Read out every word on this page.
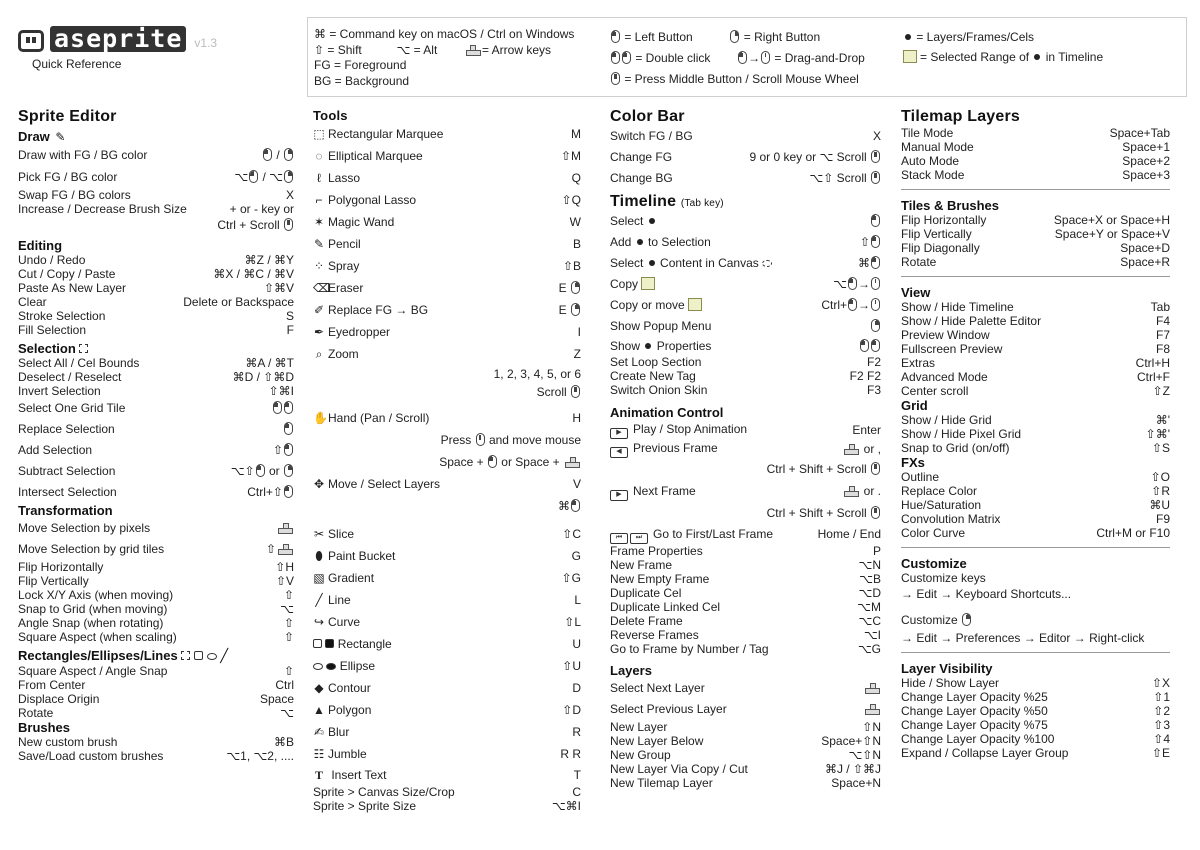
aseprite	v1.3
Quick Reference
⌘ = Command key on macOS / Ctrl on Windows
⇧ = Shift	⌥ = Alt	= Arrow keys
FG = Foreground
BG = Background
= Left Button	= Right Button
= Double click	→ = Drag-and-Drop
= Press Middle Button / Scroll Mouse Wheel
= Layers/Frames/Cels
= Selected Range of in Timeline
Sprite Editor
Draw ✎
Draw with FG / BG color	/
Pick FG / BG color	⌥ / ⌥
Swap FG / BG colors	X
Increase / Decrease Brush Size	+ or - key or
Ctrl + Scroll
Editing
Undo / Redo	⌘Z / ⌘Y
Cut / Copy / Paste	⌘X / ⌘C / ⌘V
Paste As New Layer	⇧⌘V
Clear	Delete or Backspace
Stroke Selection	S
Fill Selection	F
Selection
Select All / Cel Bounds	⌘A / ⌘T
Deselect / Reselect	⌘D / ⇧⌘D
Invert Selection	⇧⌘I
Select One Grid Tile
Replace Selection
Add Selection	⇧
Subtract Selection	⌥⇧ or
Intersect Selection	Ctrl+⇧
Transformation
Move Selection by pixels
Move Selection by grid tiles	⇧
Flip Horizontally	⇧H
Flip Vertically	⇧V
Lock X/Y Axis (when moving)	⇧
Snap to Grid (when moving)	⌥
Angle Snap (when rotating)	⇧
Square Aspect (when scaling)	⇧
Rectangles/Ellipses/Lines	╱
Square Aspect / Angle Snap	⇧
From Center	Ctrl
Displace Origin	Space
Rotate	⌥
Brushes
New custom brush	⌘B
Save/Load custom brushes	⌥1, ⌥2, ....
Tools
⬚ Rectangular Marquee	M
◌ Elliptical Marquee	⇧M
ℓ Lasso	Q
⌐ Polygonal Lasso	⇧Q
✶ Magic Wand	W
✎ Pencil	B
⁘ Spray	⇧B
⌫Eraser	E
✐ Replace FG → BG	E
✒ Eyedropper	I
⌕ Zoom	Z
1, 2, 3, 4, 5, or 6
Scroll
✋Hand (Pan / Scroll)	H
Press and move mouse
Space + or Space +
✥ Move / Select Layers	V
⌘
✂ Slice	⇧C
⬮ Paint Bucket	G
▧ Gradient	⇧G
╱ Line	L
↪ Curve	⇧L
Rectangle	U
Ellipse	⇧U
◆ Contour	D
▲ Polygon	⇧D
✍ Blur	R
☷ Jumble	R R
T Insert Text	T
Sprite > Canvas Size/Crop	C
Sprite > Sprite Size	⌥⌘I
Color Bar
Switch FG / BG	X
Change FG	9 or 0 key or ⌥ Scroll
Change BG	⌥⇧ Scroll
Timeline (Tab key)
Select
Add to Selection	⇧
Select Content in Canvas	⌘
Copy	⌥ →
Copy or move	Ctrl+ →
Show Popup Menu
Show Properties
Set Loop Section	F2
Create New Tag	F2 F2
Switch Onion Skin	F3
Animation Control
▶ Play / Stop Animation	Enter
◀ Previous Frame	or ,
Ctrl + Shift + Scroll
▶ Next Frame	or .
Ctrl + Shift + Scroll
⏮ ⏭ Go to First/Last Frame	Home / End
Frame Properties	P
New Frame	⌥N
New Empty Frame	⌥B
Duplicate Cel	⌥D
Duplicate Linked Cel	⌥M
Delete Frame	⌥C
Reverse Frames	⌥I
Go to Frame by Number / Tag	⌥G
Layers
Select Next Layer
Select Previous Layer
New Layer	⇧N
New Layer Below	Space+⇧N
New Group	⌥⇧N
New Layer Via Copy / Cut	⌘J / ⇧⌘J
New Tilemap Layer	Space+N
Tilemap Layers
Tile Mode	Space+Tab
Manual Mode	Space+1
Auto Mode	Space+2
Stack Mode	Space+3
Tiles & Brushes
Flip Horizontally	Space+X or Space+H
Flip Vertically	Space+Y or Space+V
Flip Diagonally	Space+D
Rotate	Space+R
View
Show / Hide Timeline	Tab
Show / Hide Palette Editor	F4
Preview Window	F7
Fullscreen Preview	F8
Extras	Ctrl+H
Advanced Mode	Ctrl+F
Center scroll	⇧Z
Grid
Show / Hide Grid	⌘'
Show / Hide Pixel Grid	⇧⌘'
Snap to Grid (on/off)	⇧S
FXs
Outline	⇧O
Replace Color	⇧R
Hue/Saturation	⌘U
Convolution Matrix	F9
Color Curve	Ctrl+M or F10
Customize
Customize keys
→ Edit → Keyboard Shortcuts...
Customize
→ Edit → Preferences → Editor → Right-click
Layer Visibility
Hide / Show Layer	⇧X
Change Layer Opacity %25	⇧1
Change Layer Opacity %50	⇧2
Change Layer Opacity %75	⇧3
Change Layer Opacity %100	⇧4
Expand / Collapse Layer Group	⇧E
